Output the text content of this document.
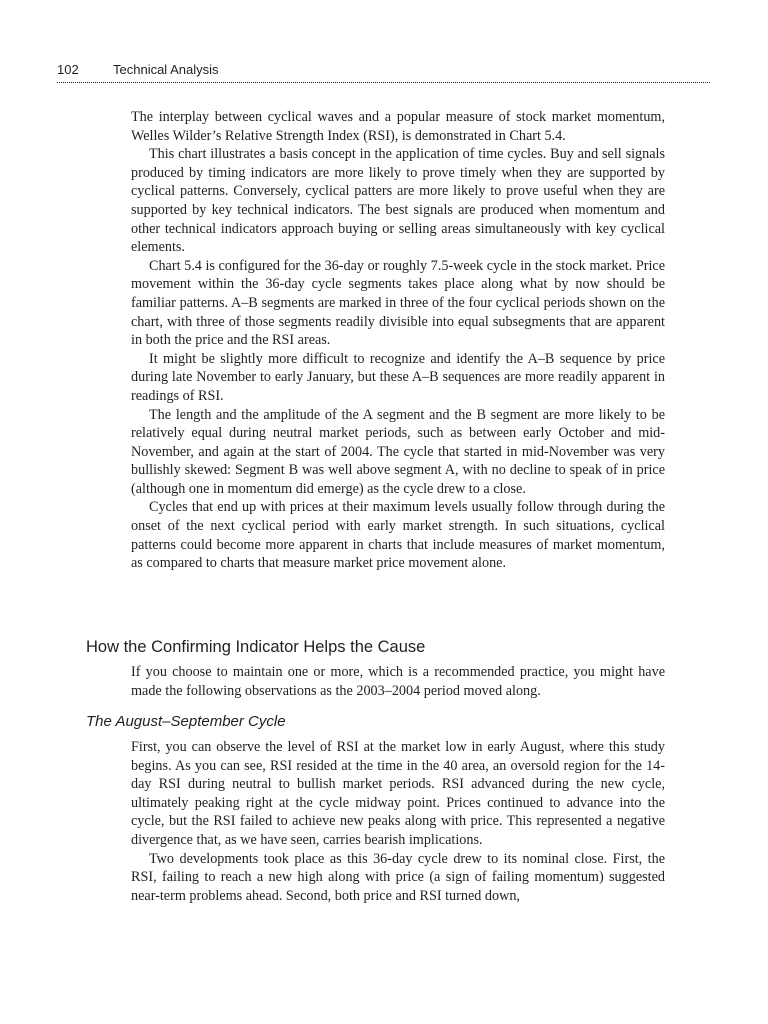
102	Technical Analysis

The interplay between cyclical waves and a popular measure of stock market momentum, Welles Wilder’s Relative Strength Index (RSI), is demonstrated in Chart 5.4.

This chart illustrates a basis concept in the application of time cycles. Buy and sell signals produced by timing indicators are more likely to prove timely when they are supported by cyclical patterns. Conversely, cyclical patters are more likely to prove useful when they are supported by key technical indicators. The best signals are produced when momentum and other technical indicators approach buying or selling areas simultaneously with key cyclical elements.

Chart 5.4 is configured for the 36-day or roughly 7.5-week cycle in the stock market. Price movement within the 36-day cycle segments takes place along what by now should be familiar patterns. A–B segments are marked in three of the four cyclical periods shown on the chart, with three of those segments readily divisible into equal subsegments that are apparent in both the price and the RSI areas.

It might be slightly more difficult to recognize and identify the A–B sequence by price during late November to early January, but these A–B sequences are more readily apparent in readings of RSI.

The length and the amplitude of the A segment and the B segment are more likely to be relatively equal during neutral market periods, such as between early October and mid-November, and again at the start of 2004. The cycle that started in mid-November was very bullishly skewed: Segment B was well above segment A, with no decline to speak of in price (although one in momentum did emerge) as the cycle drew to a close.

Cycles that end up with prices at their maximum levels usually follow through during the onset of the next cyclical period with early market strength. In such situations, cyclical patterns could become more apparent in charts that include measures of market momentum, as compared to charts that measure market price movement alone.

How the Confirming Indicator Helps the Cause

If you choose to maintain one or more, which is a recommended practice, you might have made the following observations as the 2003–2004 period moved along.

The August–September Cycle

First, you can observe the level of RSI at the market low in early August, where this study begins. As you can see, RSI resided at the time in the 40 area, an oversold region for the 14-day RSI during neutral to bullish market periods. RSI advanced during the new cycle, ultimately peaking right at the cycle midway point. Prices continued to advance into the cycle, but the RSI failed to achieve new peaks along with price. This represented a negative divergence that, as we have seen, carries bearish implications.

Two developments took place as this 36-day cycle drew to its nominal close. First, the RSI, failing to reach a new high along with price (a sign of failing momentum) suggested near-term problems ahead. Second, both price and RSI turned down,
